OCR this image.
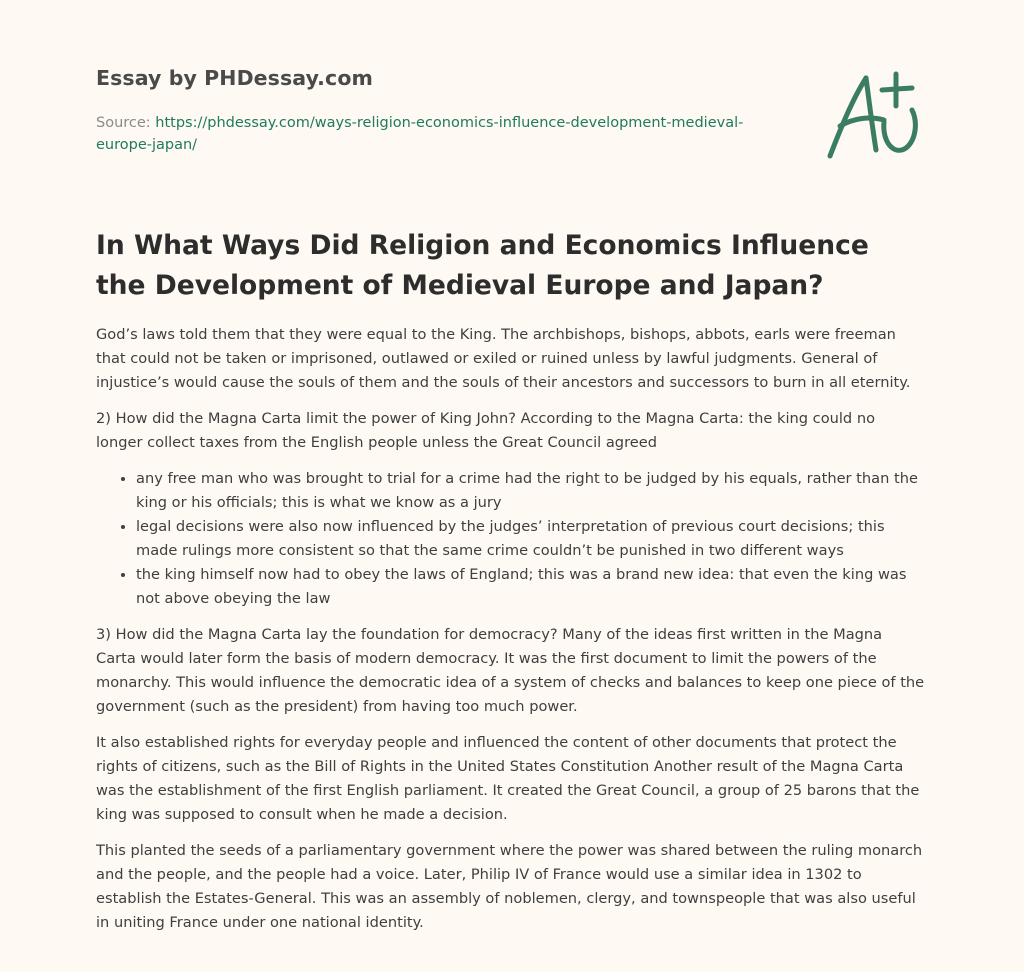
Essay by PHDessay.com
Source: https://phdessay.com/ways-religion-economics-influence-development-medieval-europe-japan/
In What Ways Did Religion and Economics Influence the Development of Medieval Europe and Japan?

God’s laws told them that they were equal to the King. The archbishops, bishops, abbots, earls were freeman that could not be taken or imprisoned, outlawed or exiled or ruined unless by lawful judgments. General of injustice’s would cause the souls of them and the souls of their ancestors and successors to burn in all eternity.

2) How did the Magna Carta limit the power of King John? According to the Magna Carta: the king could no longer collect taxes from the English people unless the Great Council agreed

• any free man who was brought to trial for a crime had the right to be judged by his equals, rather than the king or his officials; this is what we know as a jury
• legal decisions were also now influenced by the judges’ interpretation of previous court decisions; this made rulings more consistent so that the same crime couldn’t be punished in two different ways
• the king himself now had to obey the laws of England; this was a brand new idea: that even the king was not above obeying the law

3) How did the Magna Carta lay the foundation for democracy? Many of the ideas first written in the Magna Carta would later form the basis of modern democracy. It was the first document to limit the powers of the monarchy. This would influence the democratic idea of a system of checks and balances to keep one piece of the government (such as the president) from having too much power.

It also established rights for everyday people and influenced the content of other documents that protect the rights of citizens, such as the Bill of Rights in the United States Constitution Another result of the Magna Carta was the establishment of the first English parliament. It created the Great Council, a group of 25 barons that the king was supposed to consult when he made a decision.

This planted the seeds of a parliamentary government where the power was shared between the ruling monarch and the people, and the people had a voice. Later, Philip IV of France would use a similar idea in 1302 to establish the Estates-General. This was an assembly of noblemen, clergy, and townspeople that was also useful in uniting France under one national identity.
